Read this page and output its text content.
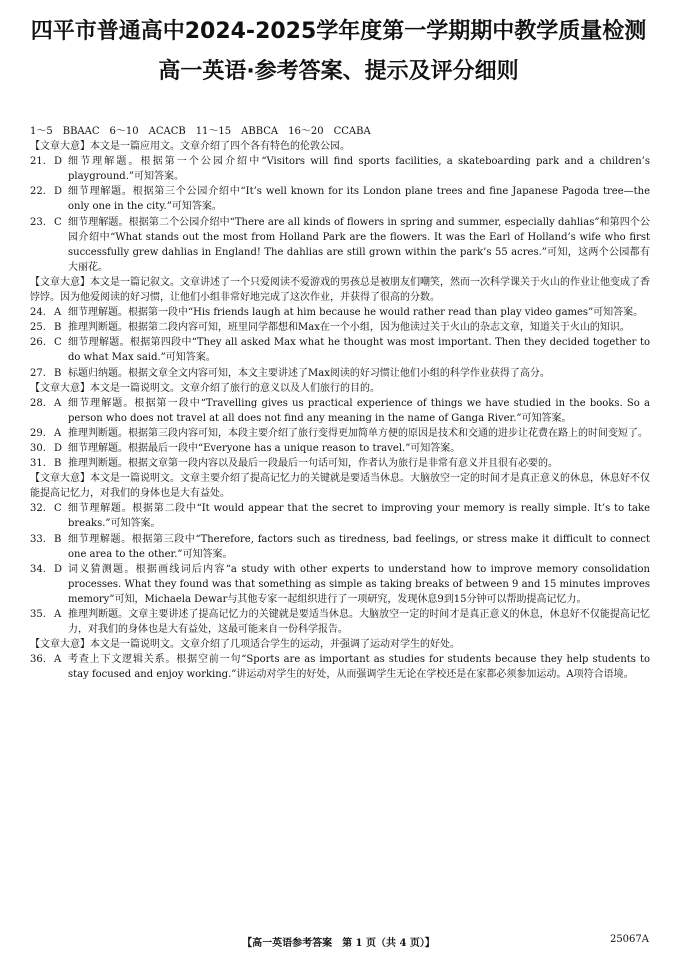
四平市普通高中2024-2025学年度第一学期期中教学质量检测
高一英语·参考答案、提示及评分细则
1～5　BBAAC　6～10　ACACB　11～15　ABBCA　16～20　CCABA
【文章大意】本文是一篇应用文。文章介绍了四个各有特色的伦敦公园。
21. D 细节理解题。根据第一个公园介绍中“Visitors will find sports facilities, a skateboarding park and a children’s playground.”可知答案。
22. D 细节理解题。根据第三个公园介绍中“It’s well known for its London plane trees and fine Japanese Pagoda tree—the only one in the city.”可知答案。
23. C 细节理解题。根据第二个公园介绍中“There are all kinds of flowers in spring and summer, especially dahlias”和第四个公园介绍中“What stands out the most from Holland Park are the flowers. It was the Earl of Holland’s wife who first successfully grew dahlias in England! The dahlias are still grown within the park’s 55 acres.”可知，这两个公园都有大丽花。
【文章大意】本文是一篇记叙文。文章讲述了一个只爱阅读不爱游戏的男孩总是被朋友们嘲笑，然而一次科学课关于火山的作业让他变成了香饽饽。因为他爱阅读的好习惯，让他们小组非常好地完成了这次作业，并获得了很高的分数。
24. A 细节理解题。根据第一段中“His friends laugh at him because he would rather read than play video games”可知答案。
25. B 推理判断题。根据第二段内容可知，班里同学都想和Max在一个小组，因为他读过关于火山的杂志文章，知道关于火山的知识。
26. C 细节理解题。根据第四段中“They all asked Max what he thought was most important. Then they decided together to do what Max said.”可知答案。
27. B 标题归纳题。根据文章全文内容可知，本文主要讲述了Max阅读的好习惯让他们小组的科学作业获得了高分。
【文章大意】本文是一篇说明文。文章介绍了旅行的意义以及人们旅行的目的。
28. A 细节理解题。根据第一段中“Travelling gives us practical experience of things we have studied in the books. So a person who does not travel at all does not find any meaning in the name of Ganga River.”可知答案。
29. A 推理判断题。根据第三段内容可知，本段主要介绍了旅行变得更加简单方便的原因是技术和交通的进步让花费在路上的时间变短了。
30. D 细节理解题。根据最后一段中“Everyone has a unique reason to travel.”可知答案。
31. B 推理判断题。根据文章第一段内容以及最后一段最后一句话可知，作者认为旅行是非常有意义并且很有必要的。
【文章大意】本文是一篇说明文。文章主要介绍了提高记忆力的关键就是要适当休息。大脑放空一定的时间才是真正意义的休息，休息好不仅能提高记忆力，对我们的身体也是大有益处。
32. C 细节理解题。根据第二段中“It would appear that the secret to improving your memory is really simple. It’s to take breaks.”可知答案。
33. B 细节理解题。根据第三段中“Therefore, factors such as tiredness, bad feelings, or stress make it difficult to connect one area to the other.”可知答案。
34. D 词义猜测题。根据画线词后内容“a study with other experts to understand how to improve memory consolidation processes. What they found was that something as simple as taking breaks of between 9 and 15 minutes improves memory”可知，Michaela Dewar与其他专家一起组织进行了一项研究，发现休息9到15分钟可以帮助提高记忆力。
35. A 推理判断题。文章主要讲述了提高记忆力的关键就是要适当休息。大脑放空一定的时间才是真正意义的休息，休息好不仅能提高记忆力，对我们的身体也是大有益处，这最可能来自一份科学报告。
【文章大意】本文是一篇说明文。文章介绍了几项适合学生的运动，并强调了运动对学生的好处。
36. A 考查上下文逻辑关系。根据空前一句“Sports are as important as studies for students because they help students to stay focused and enjoy working.”讲运动对学生的好处，从而强调学生无论在学校还是在家都必须参加运动。A项符合语境。
【高一英语参考答案　第 1 页（共 4 页）】	25067A
